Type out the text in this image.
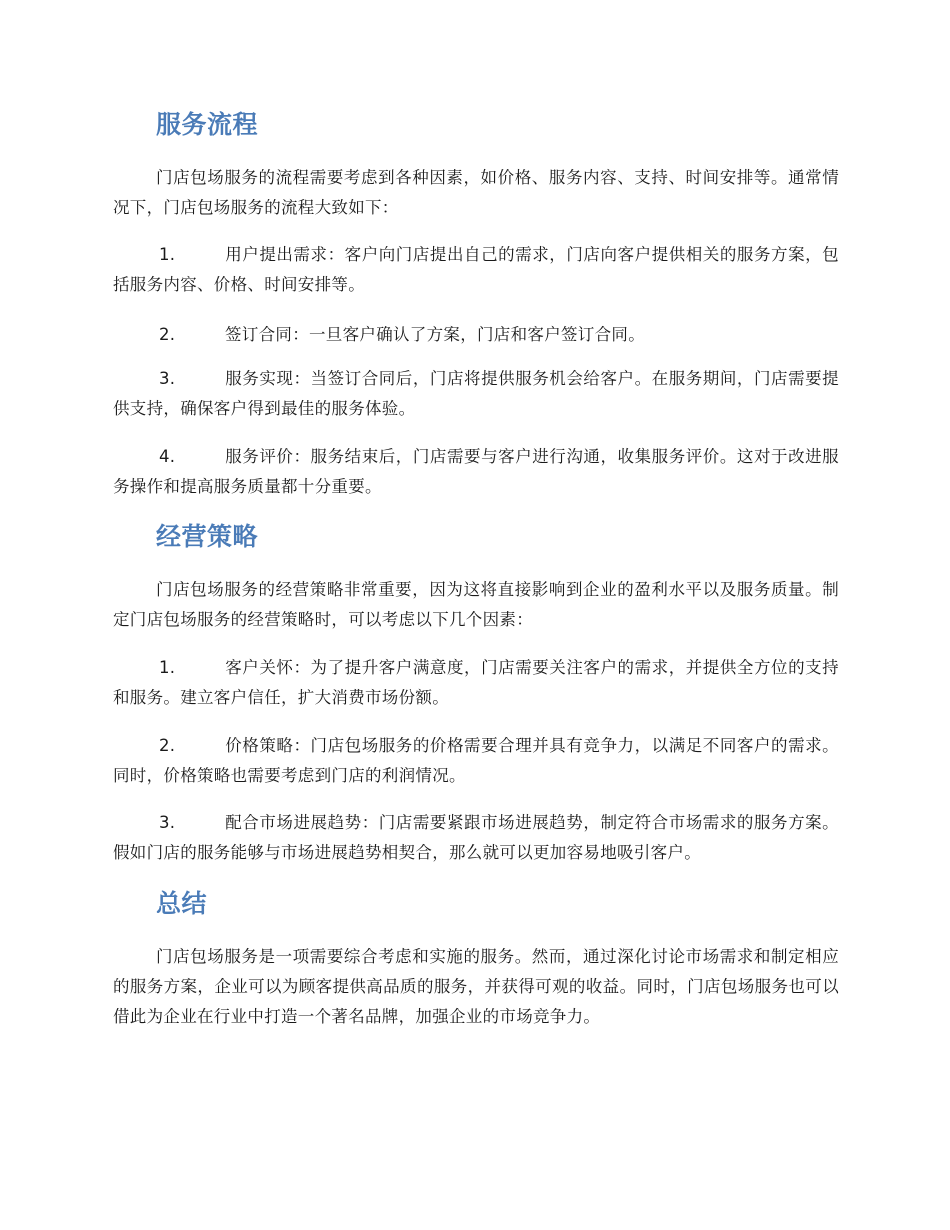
服务流程

门店包场服务的流程需要考虑到各种因素，如价格、服务内容、支持、时间安排等。通常情况下，门店包场服务的流程大致如下：

1.	用户提出需求：客户向门店提出自己的需求，门店向客户提供相关的服务方案，包括服务内容、价格、时间安排等。

2.	签订合同：一旦客户确认了方案，门店和客户签订合同。

3.	服务实现：当签订合同后，门店将提供服务机会给客户。在服务期间，门店需要提供支持，确保客户得到最佳的服务体验。

4.	服务评价：服务结束后，门店需要与客户进行沟通，收集服务评价。这对于改进服务操作和提高服务质量都十分重要。

经营策略

门店包场服务的经营策略非常重要，因为这将直接影响到企业的盈利水平以及服务质量。制定门店包场服务的经营策略时，可以考虑以下几个因素：

1.	客户关怀：为了提升客户满意度，门店需要关注客户的需求，并提供全方位的支持和服务。建立客户信任，扩大消费市场份额。

2.	价格策略：门店包场服务的价格需要合理并具有竞争力，以满足不同客户的需求。同时，价格策略也需要考虑到门店的利润情况。

3.	配合市场进展趋势：门店需要紧跟市场进展趋势，制定符合市场需求的服务方案。假如门店的服务能够与市场进展趋势相契合，那么就可以更加容易地吸引客户。

总结

门店包场服务是一项需要综合考虑和实施的服务。然而，通过深化讨论市场需求和制定相应的服务方案，企业可以为顾客提供高品质的服务，并获得可观的收益。同时，门店包场服务也可以借此为企业在行业中打造一个著名品牌，加强企业的市场竞争力。
